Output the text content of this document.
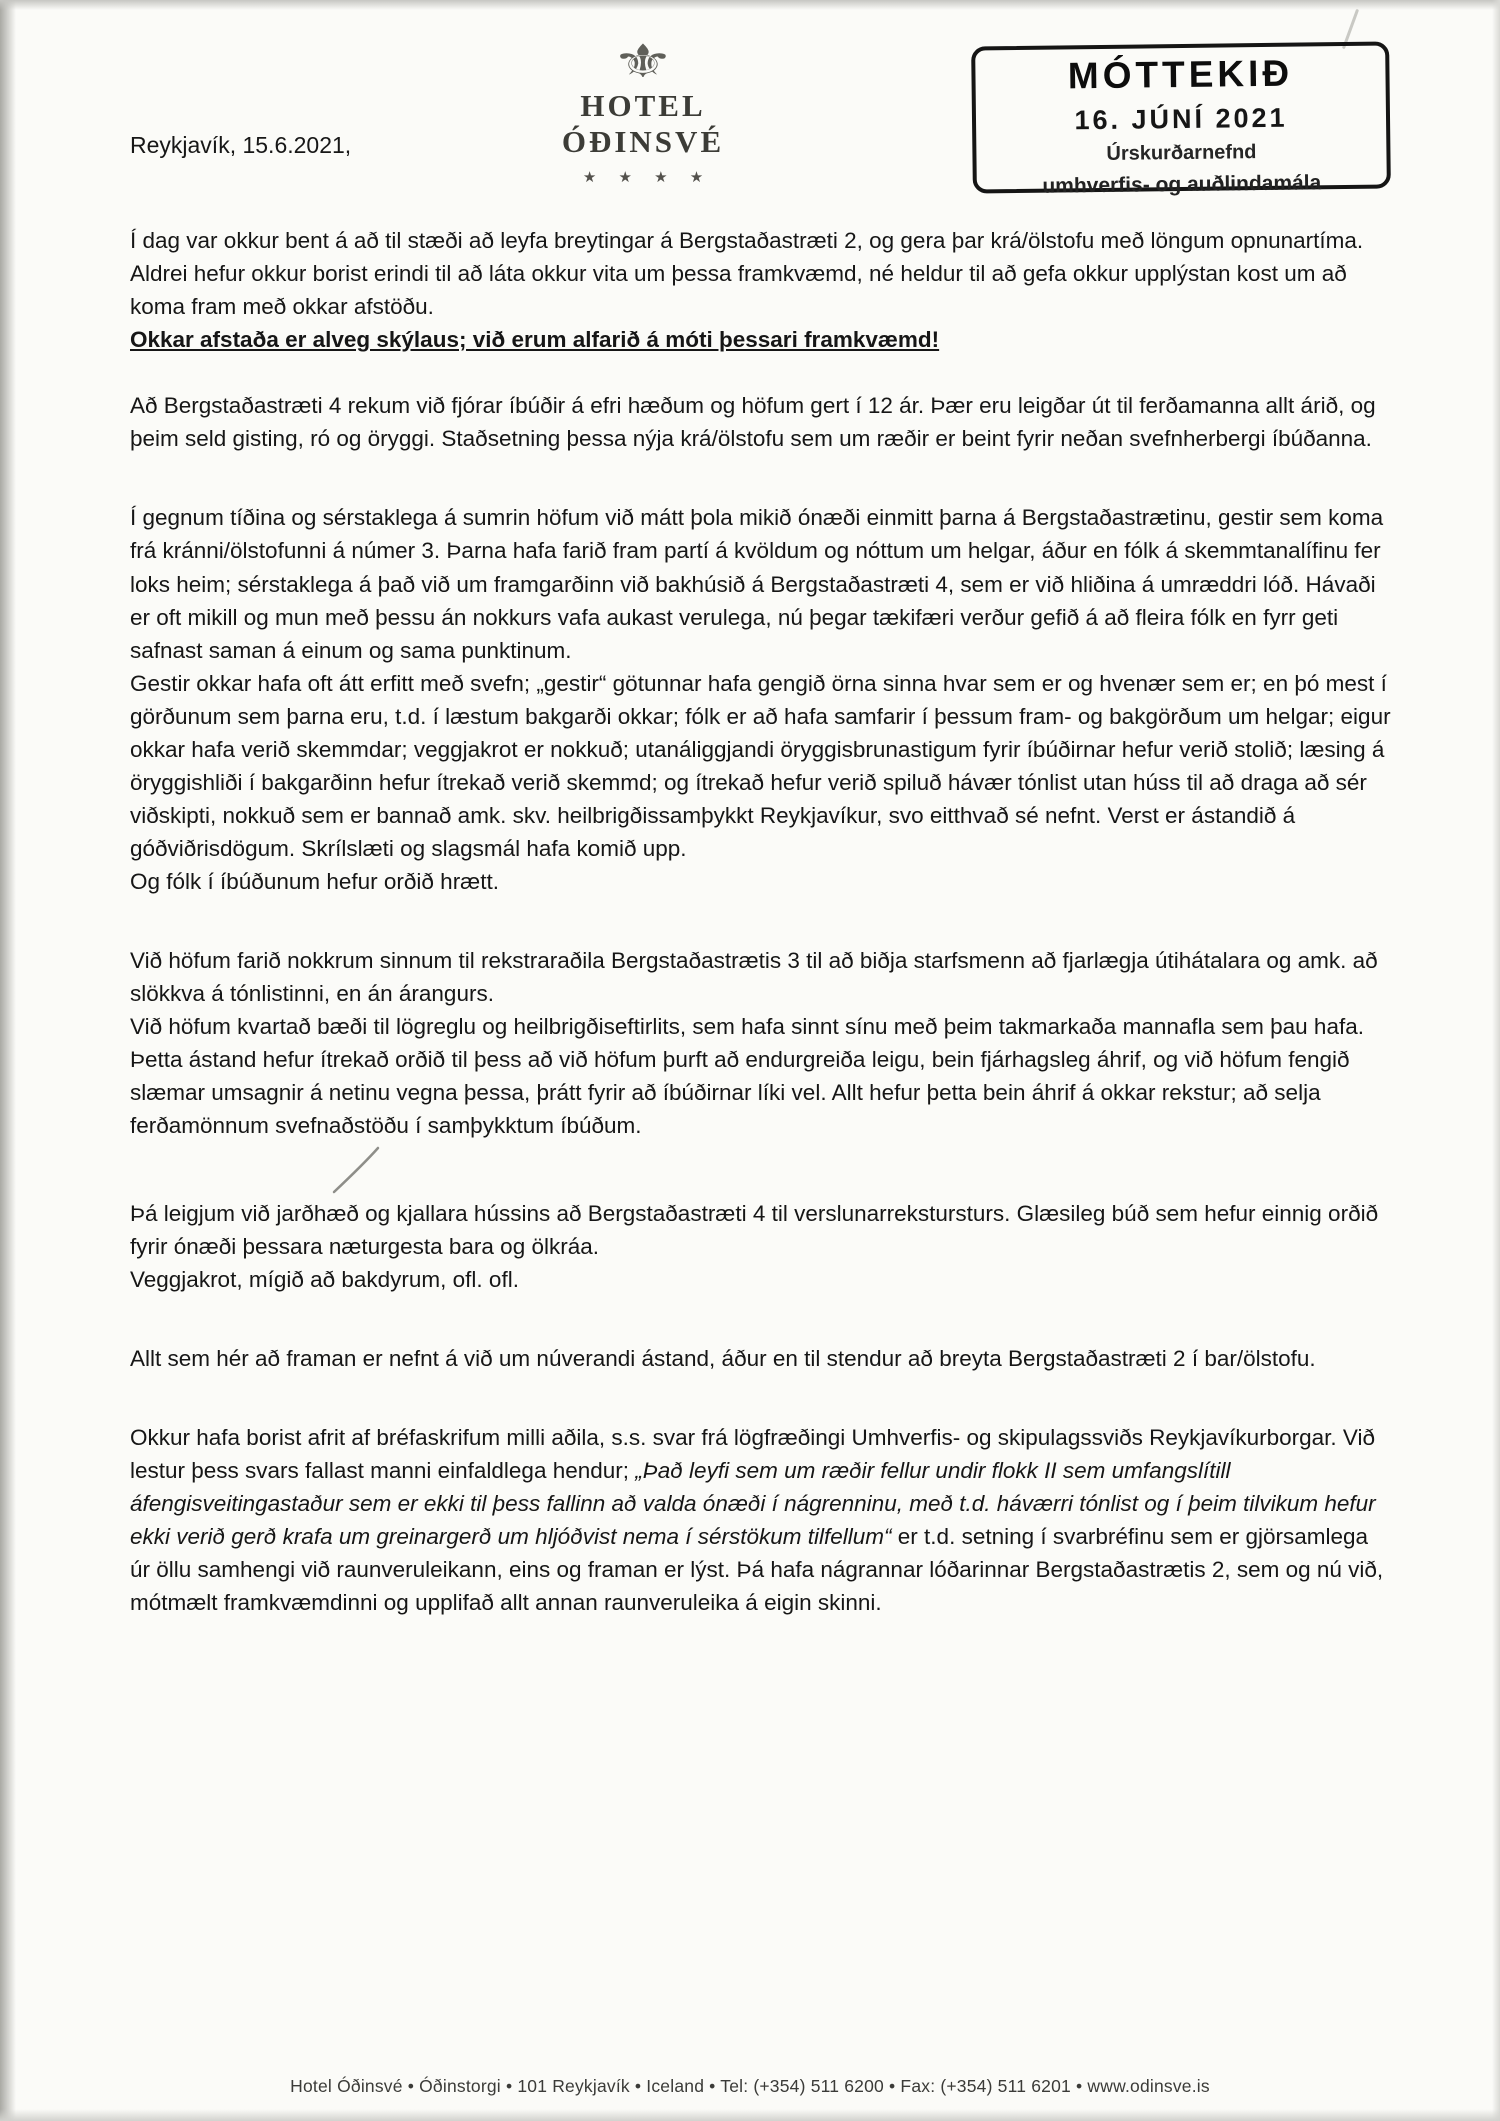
Reykjavík, 15.6.2021,
⚜
HOTEL
ÓÐINSVÉ
★ ★ ★ ★
MÓTTEKIÐ
16. JÚNÍ 2021
Úrskurðarnefnd
umhverfis- og auðlindamála

Í dag var okkur bent á að til stæði að leyfa breytingar á Bergstaðastræti 2, og gera þar krá/ölstofu með löngum opnunartíma.

Aldrei hefur okkur borist erindi til að láta okkur vita um þessa framkvæmd, né heldur til að gefa okkur upplýstan kost um að koma fram með okkar afstöðu.

Okkar afstaða er alveg skýlaus; við erum alfarið á móti þessari framkvæmd!

Að Bergstaðastræti 4 rekum við fjórar íbúðir á efri hæðum og höfum gert í 12 ár. Þær eru leigðar út til ferðamanna allt árið, og þeim seld gisting, ró og öryggi. Staðsetning þessa nýja krá/ölstofu sem um ræðir er beint fyrir neðan svefnherbergi íbúðanna.

Í gegnum tíðina og sérstaklega á sumrin höfum við mátt þola mikið ónæði einmitt þarna á Bergstaðastrætinu, gestir sem koma frá kránni/ölstofunni á númer 3. Þarna hafa farið fram partí á kvöldum og nóttum um helgar, áður en fólk á skemmtanalífinu fer loks heim; sérstaklega á það við um framgarðinn við bakhúsið á Bergstaðastræti 4, sem er við hliðina á umræddri lóð. Hávaði er oft mikill og mun með þessu án nokkurs vafa aukast verulega, nú þegar tækifæri verður gefið á að fleira fólk en fyrr geti safnast saman á einum og sama punktinum.

Gestir okkar hafa oft átt erfitt með svefn; „gestir“ götunnar hafa gengið örna sinna hvar sem er og hvenær sem er; en þó mest í görðunum sem þarna eru, t.d. í læstum bakgarði okkar; fólk er að hafa samfarir í þessum fram- og bakgörðum um helgar; eigur okkar hafa verið skemmdar; veggjakrot er nokkuð; utanáliggjandi öryggisbrunastigum fyrir íbúðirnar hefur verið stolið; læsing á öryggishliði í bakgarðinn hefur ítrekað verið skemmd; og ítrekað hefur verið spiluð hávær tónlist utan húss til að draga að sér viðskipti, nokkuð sem er bannað amk. skv. heilbrigðissamþykkt Reykjavíkur, svo eitthvað sé nefnt. Verst er ástandið á góðviðrisdögum. Skrílslæti og slagsmál hafa komið upp.

Og fólk í íbúðunum hefur orðið hrætt.

Við höfum farið nokkrum sinnum til rekstraraðila Bergstaðastrætis 3 til að biðja starfsmenn að fjarlægja útihátalara og amk. að slökkva á tónlistinni, en án árangurs.

Við höfum kvartað bæði til lögreglu og heilbrigðiseftirlits, sem hafa sinnt sínu með þeim takmarkaða mannafla sem þau hafa.

Þetta ástand hefur ítrekað orðið til þess að við höfum þurft að endurgreiða leigu, bein fjárhagsleg áhrif, og við höfum fengið slæmar umsagnir á netinu vegna þessa, þrátt fyrir að íbúðirnar líki vel. Allt hefur þetta bein áhrif á okkar rekstur; að selja ferðamönnum svefnaðstöðu í samþykktum íbúðum.

Þá leigjum við jarðhæð og kjallara hússins að Bergstaðastræti 4 til verslunarrekstursturs. Glæsileg búð sem hefur einnig orðið fyrir ónæði þessara næturgesta bara og ölkráa.

Veggjakrot, mígið að bakdyrum, ofl. ofl.

Allt sem hér að framan er nefnt á við um núverandi ástand, áður en til stendur að breyta Bergstaðastræti 2 í bar/ölstofu.

Okkur hafa borist afrit af bréfaskrifum milli aðila, s.s. svar frá lögfræðingi Umhverfis- og skipulagssviðs Reykjavíkurborgar. Við lestur þess svars fallast manni einfaldlega hendur; „Það leyfi sem um ræðir fellur undir flokk II sem umfangslítill áfengisveitingastaður sem er ekki til þess fallinn að valda ónæði í nágrenninu, með t.d. háværri tónlist og í þeim tilvikum hefur ekki verið gerð krafa um greinargerð um hljóðvist nema í sérstökum tilfellum“ er t.d. setning í svarbréfinu sem er gjörsamlega úr öllu samhengi við raunveruleikann, eins og framan er lýst. Þá hafa nágrannar lóðarinnar Bergstaðastrætis 2, sem og nú við, mótmælt framkvæmdinni og upplifað allt annan raunveruleika á eigin skinni.

Hotel Óðinsvé • Óðinstorgi • 101 Reykjavík • Iceland • Tel: (+354) 511 6200 • Fax: (+354) 511 6201 • www.odinsve.is
